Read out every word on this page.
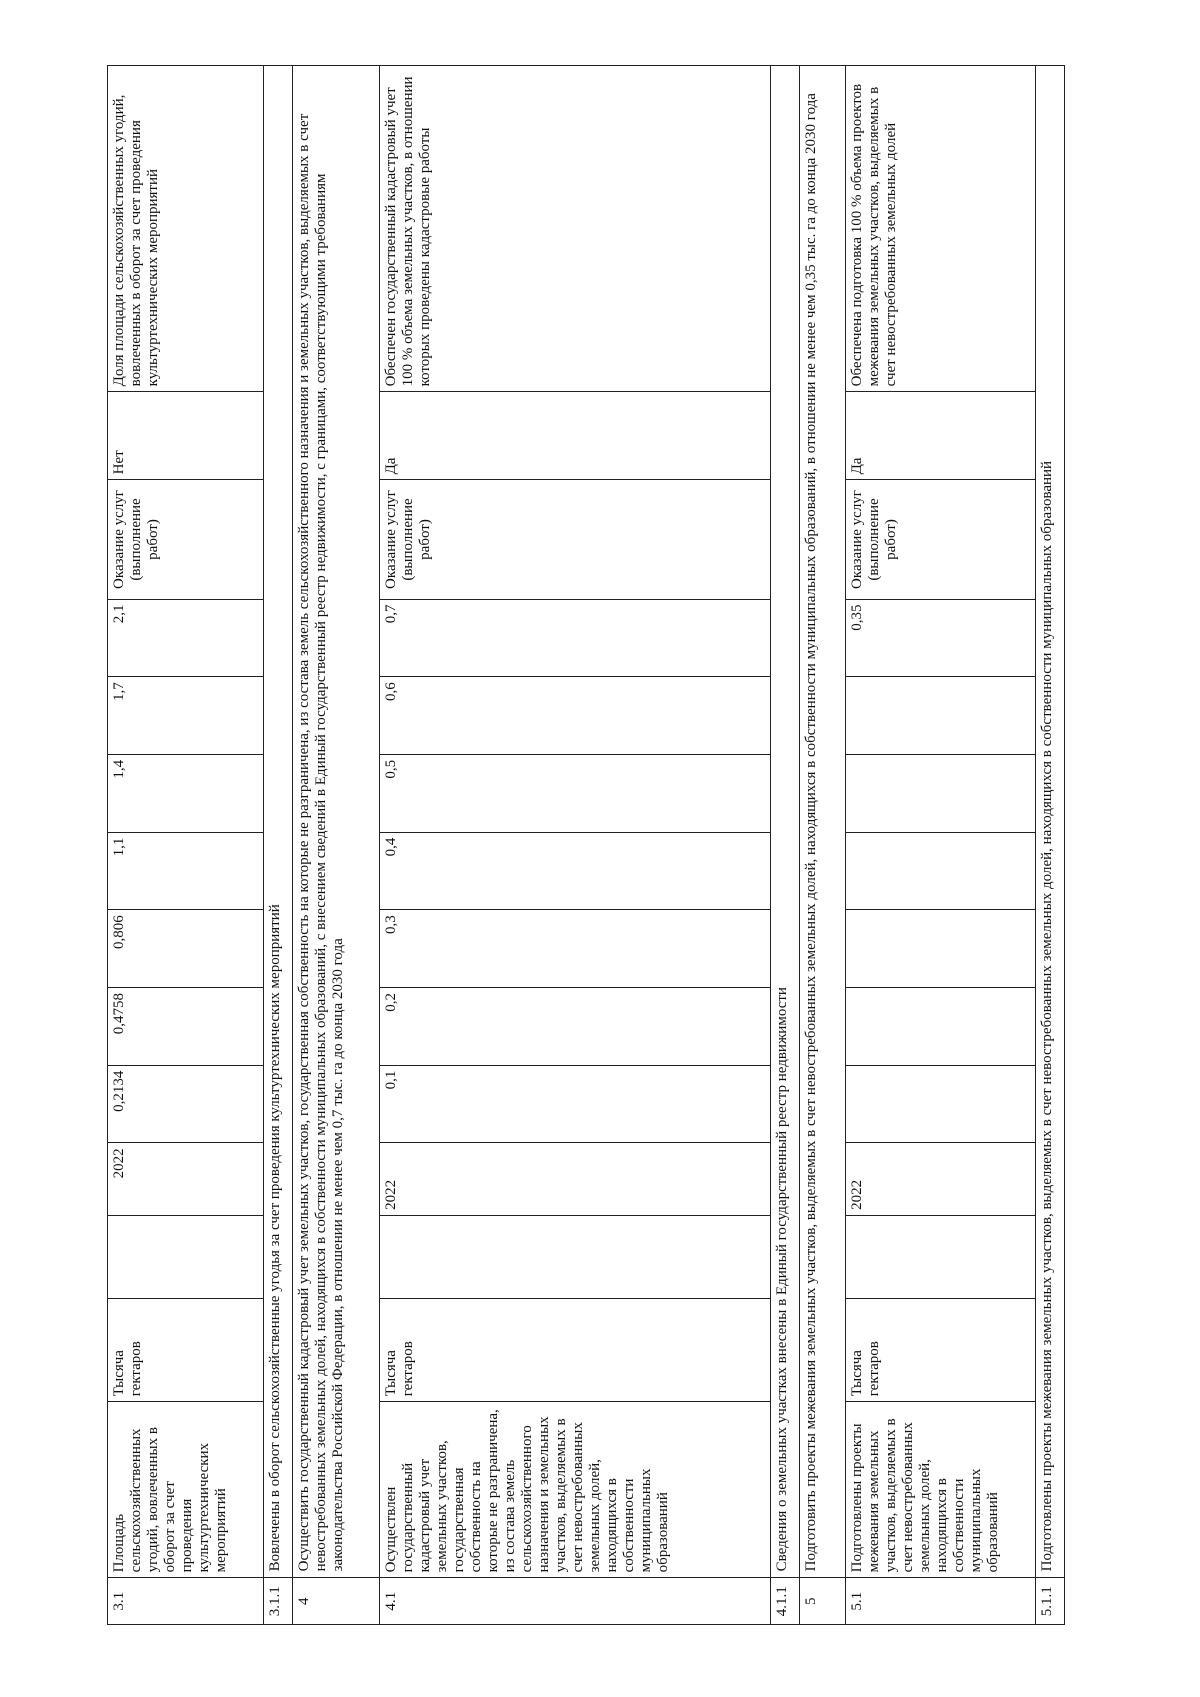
3.1	Площадь сельскохозяйственных угодий, вовлеченных в оборот за счет проведения культуртехнических мероприятий	Тысяча гектаров		2022	0,2134	0,4758	0,806	1,1	1,4	1,7	2,1	Оказание услуг (выполнение работ)	Нет	Доля площади сельскохозяйственных угодий, вовлеченных в оборот за счет проведения культуртехнических мероприятий
3.1.1	Вовлечены в оборот сельскохозяйственные угодья за счет проведения культуртехнических мероприятий													
4	Осуществить государственный кадастровый учет земельных участков, государственная собственность на которые не разграничена, из состава земель сельскохозяйственного назначения и земельных участков, выделяемых в счет невостребованных земельных долей, находящихся в собственности муниципальных образований, с внесением сведений в Единый государственный реестр недвижимости, с границами, соответствующими требованиям законодательства Российской Федерации, в отношении не менее чем 0,7 тыс. га до конца 2030 года													
4.1	Осуществлен государственный кадастровый учет земельных участков, государственная собственность на которые не разграничена, из состава земель сельскохозяйственного назначения и земельных участков, выделяемых в счет невостребованных земельных долей, находящихся в собственности муниципальных образований	Тысяча гектаров		2022	0,1	0,2	0,3	0,4	0,5	0,6	0,7	Оказание услуг (выполнение работ)	Да	Обеспечен государственный кадастровый учет 100 % объема земельных участков, в отношении которых проведены кадастровые работы
4.1.1	Сведения о земельных участках внесены в Единый государственный реестр недвижимости													
5	Подготовить проекты межевания земельных участков, выделяемых в счет невостребованных земельных долей, находящихся в собственности муниципальных образований, в отношении не менее чем 0,35 тыс. га до конца 2030 года													
5.1	Подготовлены проекты межевания земельных участков, выделяемых в счет невостребованных земельных долей, находящихся в собственности муниципальных образований	Тысяча гектаров		2022							0,35	Оказание услуг (выполнение работ)	Да	Обеспечена подготовка 100 % объема проектов межевания земельных участков, выделяемых в счет невостребованных земельных долей
5.1.1	Подготовлены проекты межевания земельных участков, выделяемых в счет невостребованных земельных долей, находящихся в собственности муниципальных образований													
